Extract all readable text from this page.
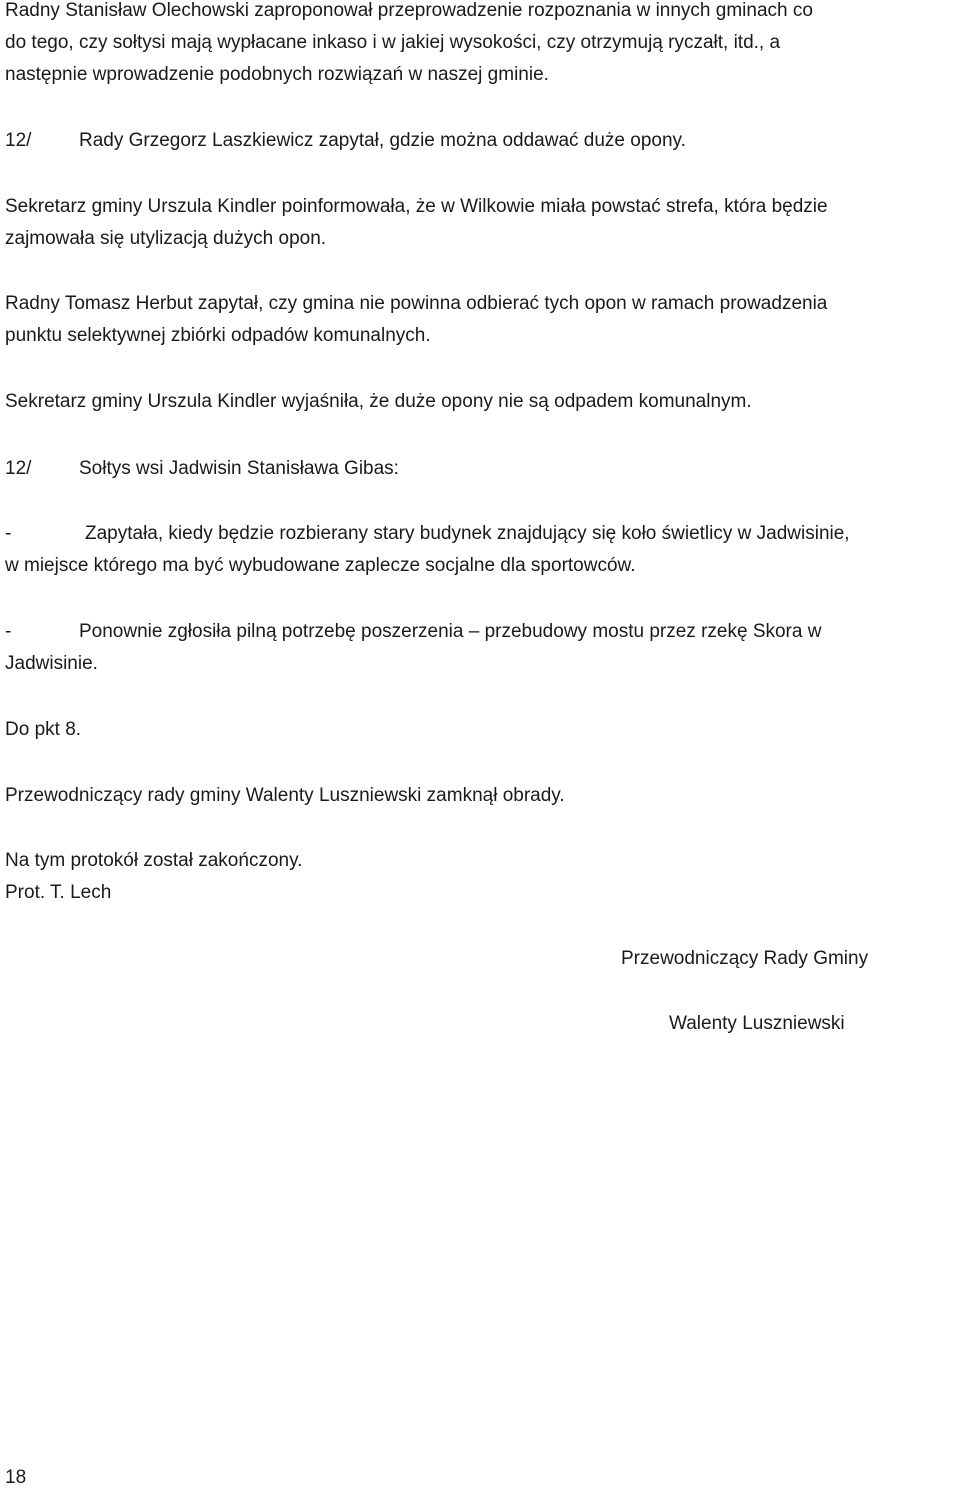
Radny Stanisław Olechowski zaproponował przeprowadzenie rozpoznania w innych gminach co
do tego, czy sołtysi mają wypłacane inkaso i w jakiej wysokości, czy otrzymują ryczałt, itd., a
następnie wprowadzenie podobnych rozwiązań w naszej gminie.

12/	Rady Grzegorz Laszkiewicz zapytał, gdzie można oddawać duże opony.

Sekretarz gminy Urszula Kindler poinformowała, że w Wilkowie miała powstać strefa, która będzie
zajmowała się utylizacją dużych opon.

Radny Tomasz Herbut zapytał, czy gmina nie powinna odbierać tych opon w ramach prowadzenia
punktu selektywnej zbiórki odpadów komunalnych.

Sekretarz gminy Urszula Kindler wyjaśniła, że duże opony nie są odpadem komunalnym.

12/	Sołtys wsi Jadwisin Stanisława Gibas:

-	Zapytała, kiedy będzie rozbierany stary budynek znajdujący się koło świetlicy w Jadwisinie,
w miejsce którego ma być wybudowane zaplecze socjalne dla sportowców.

-	Ponownie zgłosiła pilną potrzebę poszerzenia – przebudowy mostu przez rzekę Skora w
Jadwisinie.

Do pkt 8.

Przewodniczący rady gminy Walenty Luszniewski zamknął obrady.

Na tym protokół został zakończony.
Prot. T. Lech

Przewodniczący Rady Gminy
Walenty Luszniewski
18
